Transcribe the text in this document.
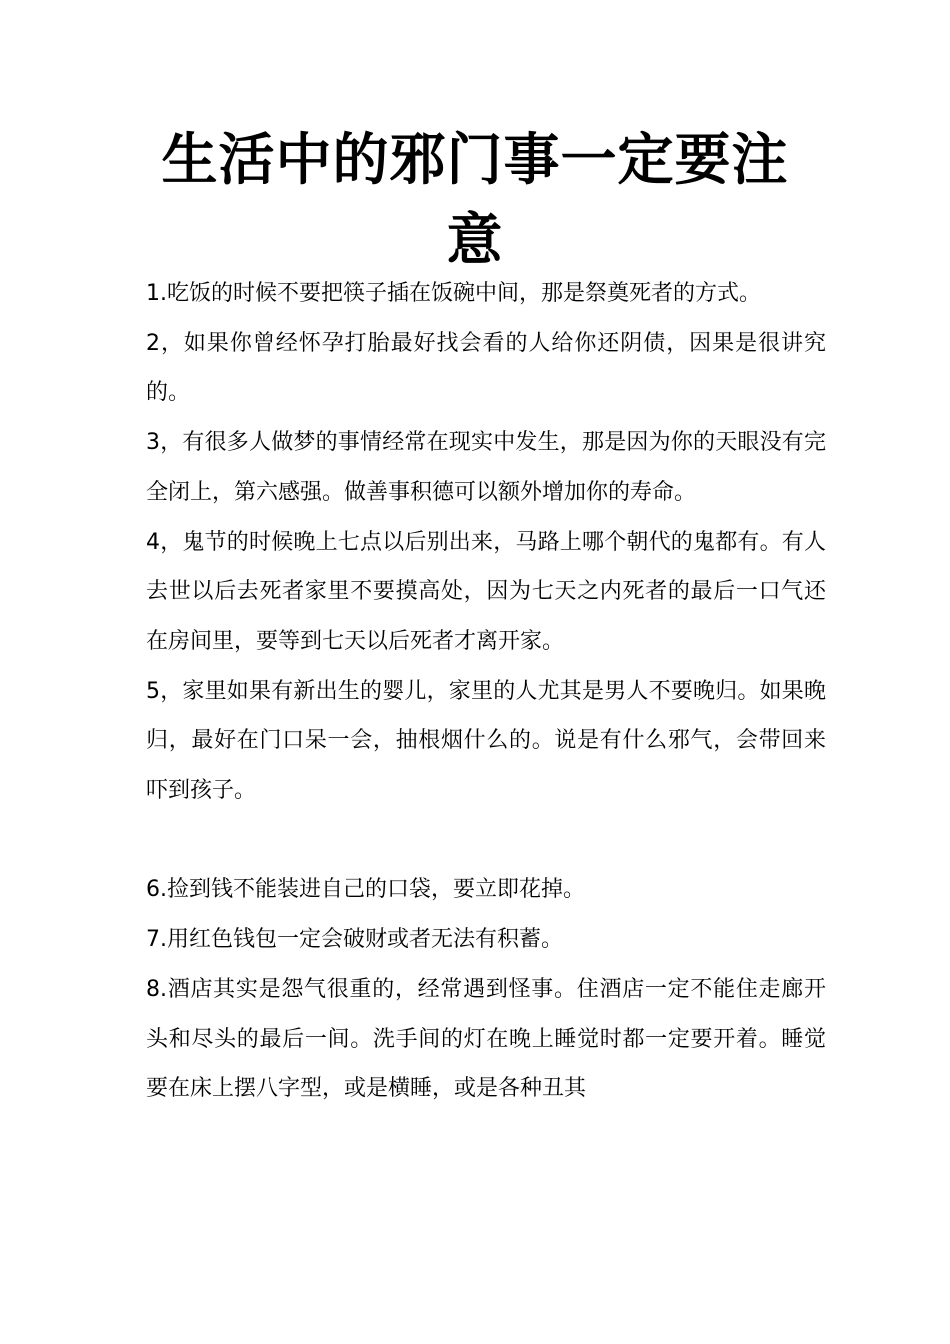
生活中的邪门事一定要注意

1.吃饭的时候不要把筷子插在饭碗中间，那是祭奠死者的方式。

2，如果你曾经怀孕打胎最好找会看的人给你还阴债，因果是很讲究的。

3，有很多人做梦的事情经常在现实中发生，那是因为你的天眼没有完全闭上，第六感强。做善事积德可以额外增加你的寿命。

4，鬼节的时候晚上七点以后别出来，马路上哪个朝代的鬼都有。有人去世以后去死者家里不要摸高处，因为七天之内死者的最后一口气还在房间里，要等到七天以后死者才离开家。

5，家里如果有新出生的婴儿，家里的人尤其是男人不要晚归。如果晚归，最好在门口呆一会，抽根烟什么的。说是有什么邪气，会带回来吓到孩子。

6.捡到钱不能装进自己的口袋，要立即花掉。

7.用红色钱包一定会破财或者无法有积蓄。

8.酒店其实是怨气很重的，经常遇到怪事。住酒店一定不能住走廊开头和尽头的最后一间。洗手间的灯在晚上睡觉时都一定要开着。睡觉要在床上摆八字型，或是横睡，或是各种丑其
